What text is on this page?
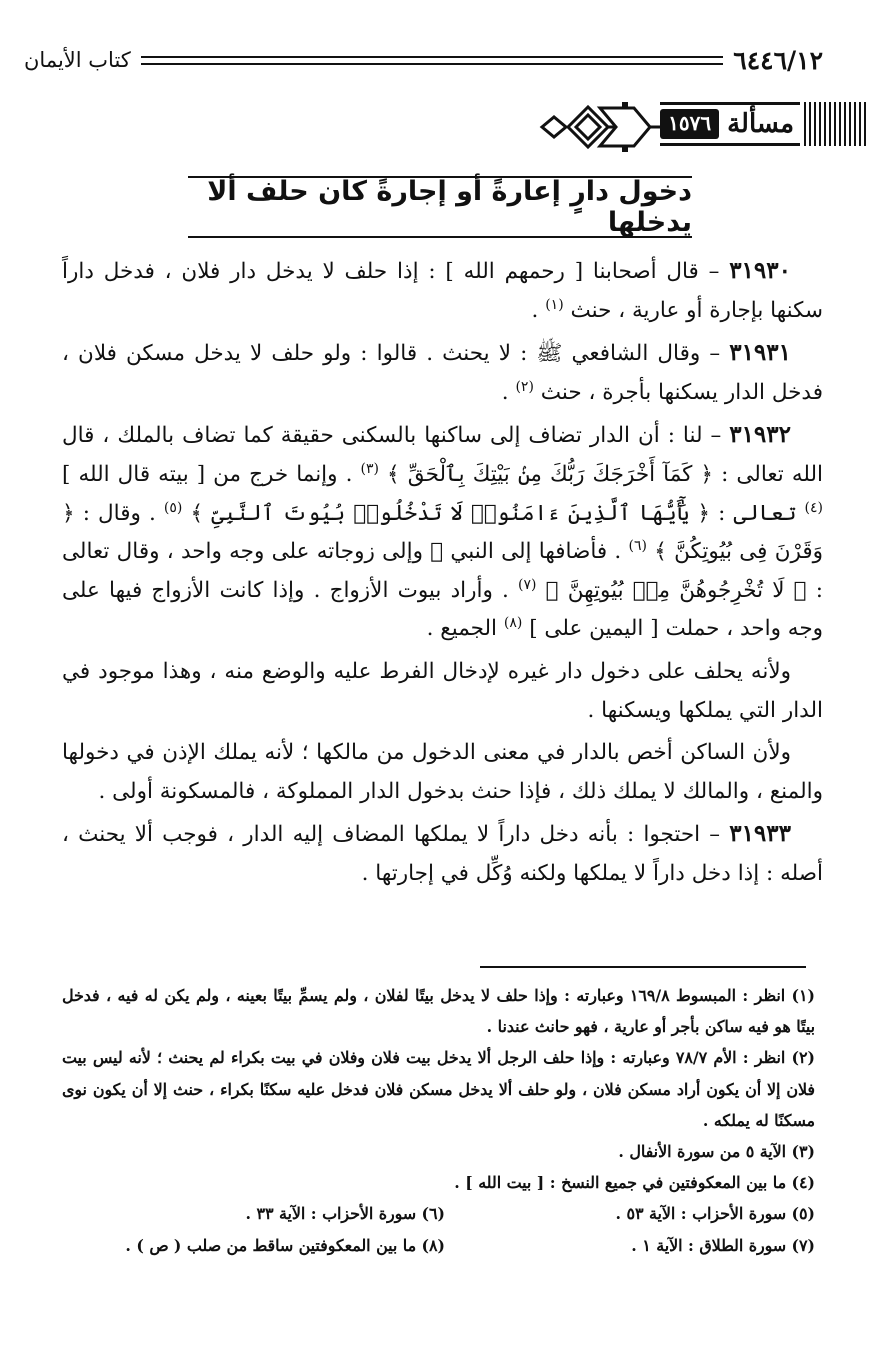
٦٤٤٦/١٢
كتاب الأيمان
مسألة
١٥٧٦
دخول دارٍ إعارةً أو إجارةً كان حلف ألا يدخلها

٣١٩٣٠ – قال أصحابنا [ رحمهم الله ] : إذا حلف لا يدخل دار فلان ، فدخل داراً سكنها بإجارة أو عارية ، حنث $^{(١)}$ .

٣١٩٣١ – وقال الشافعي ﷺ : لا يحنث . قالوا : ولو حلف لا يدخل مسكن فلان ، فدخل الدار يسكنها بأجرة ، حنث $^{(٢)}$ .

٣١٩٣٢ – لنا : أن الدار تضاف إلى ساكنها بالسكنى حقيقة كما تضاف بالملك ، قال الله تعالى : ﴿ كَمَآ أَخْرَجَكَ رَبُّكَ مِنۢ بَيْتِكَ بِٱلْحَقِّ ﴾ $^{(٣)}$ . وإنما خرج من [ بيته قال الله ] $^{(٤)}$ تعالى : ﴿ يَٰٓأَيُّهَا ٱلَّذِينَ ءَامَنُوا۟ لَا تَدْخُلُوا۟ بُيُوتَ ٱلنَّبِىِّ ﴾ $^{(٥)}$ . وقال : ﴿ وَقَرْنَ فِى بُيُوتِكُنَّ ﴾ $^{(٦)}$ . فأضافها إلى النبي ﷺ وإلى زوجاته على وجه واحد ، وقال تعالى : ﴿ لَا تُخْرِجُوهُنَّ مِنۢ بُيُوتِهِنَّ ﴾ $^{(٧)}$ . وأراد بيوت الأزواج . وإذا كانت الأزواج فيها على وجه واحد ، حملت [ اليمين على ] $^{(٨)}$ الجميع .

ولأنه يحلف على دخول دار غيره لإدخال الفرط عليه والوضع منه ، وهذا موجود في الدار التي يملكها ويسكنها .

ولأن الساكن أخص بالدار في معنى الدخول من مالكها ؛ لأنه يملك الإذن في دخولها والمنع ، والمالك لا يملك ذلك ، فإذا حنث بدخول الدار المملوكة ، فالمسكونة أولى .

٣١٩٣٣ – احتجوا : بأنه دخل داراً لا يملكها المضاف إليه الدار ، فوجب ألا يحنث ، أصله : إذا دخل داراً لا يملكها ولكنه وُكِّل في إجارتها .

(١) انظر : المبسوط ١٦٩/٨ وعبارته : وإذا حلف لا يدخل بيتًا لفلان ، ولم يسمِّ بيتًا بعينه ، ولم يكن له فيه ، فدخل بيتًا هو فيه ساكن بأجر أو عارية ، فهو حانث عندنا .

(٢) انظر : الأم ٧٨/٧ وعبارته : وإذا حلف الرجل ألا يدخل بيت فلان وفلان في بيت بكراء لم يحنث ؛ لأنه ليس بيت فلان إلا أن يكون أراد مسكن فلان ، ولو حلف ألا يدخل مسكن فلان فدخل عليه سكنًا بكراء ، حنث إلا أن يكون نوى مسكنًا له يملكه .

(٣) الآية ٥ من سورة الأنفال .

(٤) ما بين المعكوفتين في جميع النسخ : [ بيت الله ] .

(٥) سورة الأحزاب : الآية ٥٣ .
(٦) سورة الأحزاب : الآية ٣٣ .
(٧) سورة الطلاق : الآية ١ .
(٨) ما بين المعكوفتين ساقط من صلب ( ص ) .
